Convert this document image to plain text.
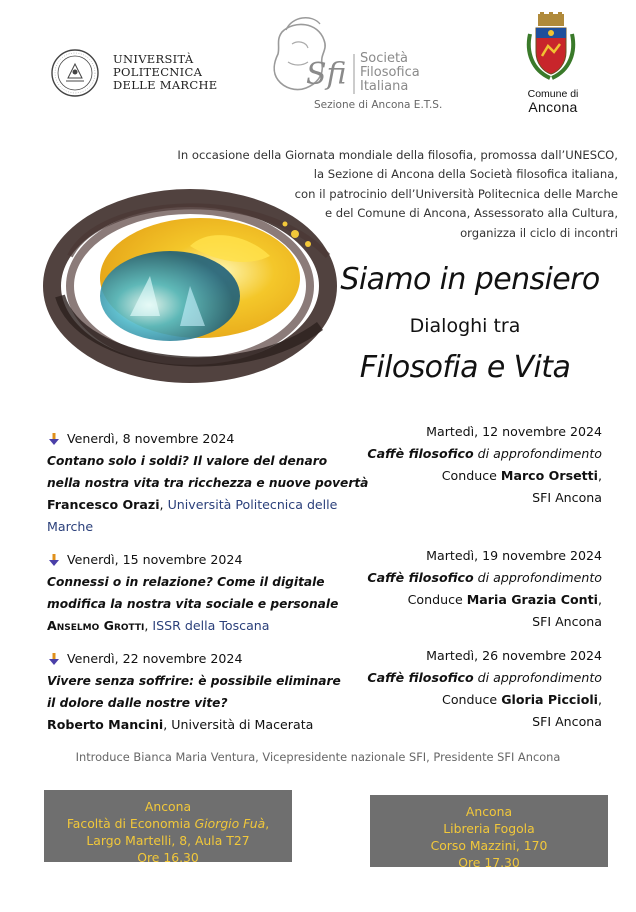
UNIVERSITÀ
POLITECNICA
DELLE MARCHE	Sfi Società
Filosofica
Italiana
Sezione di Ancona E.T.S.
Comune di
Ancona
In occasione della Giornata mondiale della filosofia, promossa dall’UNESCO,
la Sezione di Ancona della Società filosofica italiana,
con il patrocinio dell’Università Politecnica delle Marche
e del Comune di Ancona, Assessorato alla Cultura,
organizza il ciclo di incontri
Siamo in pensiero
Dialoghi tra
Filosofia e Vita
Venerdì, 8 novembre 2024
Contano solo i soldi? Il valore del denaro
nella nostra vita tra ricchezza e nuove povertà
Francesco Orazi, Università Politecnica delle
Marche
Venerdì, 15 novembre 2024
Connessi o in relazione? Come il digitale
modifica la nostra vita sociale e personale
Anselmo Grotti, ISSR della Toscana
Venerdì, 22 novembre 2024
Vivere senza soffrire: è possibile eliminare
il dolore dalle nostre vite?
Roberto Mancini, Università di Macerata
Martedì, 12 novembre 2024
Caffè filosofico di approfondimento
Conduce Marco Orsetti,
SFI Ancona
Martedì, 19 novembre 2024
Caffè filosofico di approfondimento
Conduce Maria Grazia Conti,
SFI Ancona
Martedì, 26 novembre 2024
Caffè filosofico di approfondimento
Conduce Gloria Piccioli,
SFI Ancona
Introduce Bianca Maria Ventura, Vicepresidente nazionale SFI, Presidente SFI Ancona
Ancona
Facoltà di Economia Giorgio Fuà,
Largo Martelli, 8, Aula T27
Ore 16.30
Ancona
Libreria Fogola
Corso Mazzini, 170
Ore 17.30
